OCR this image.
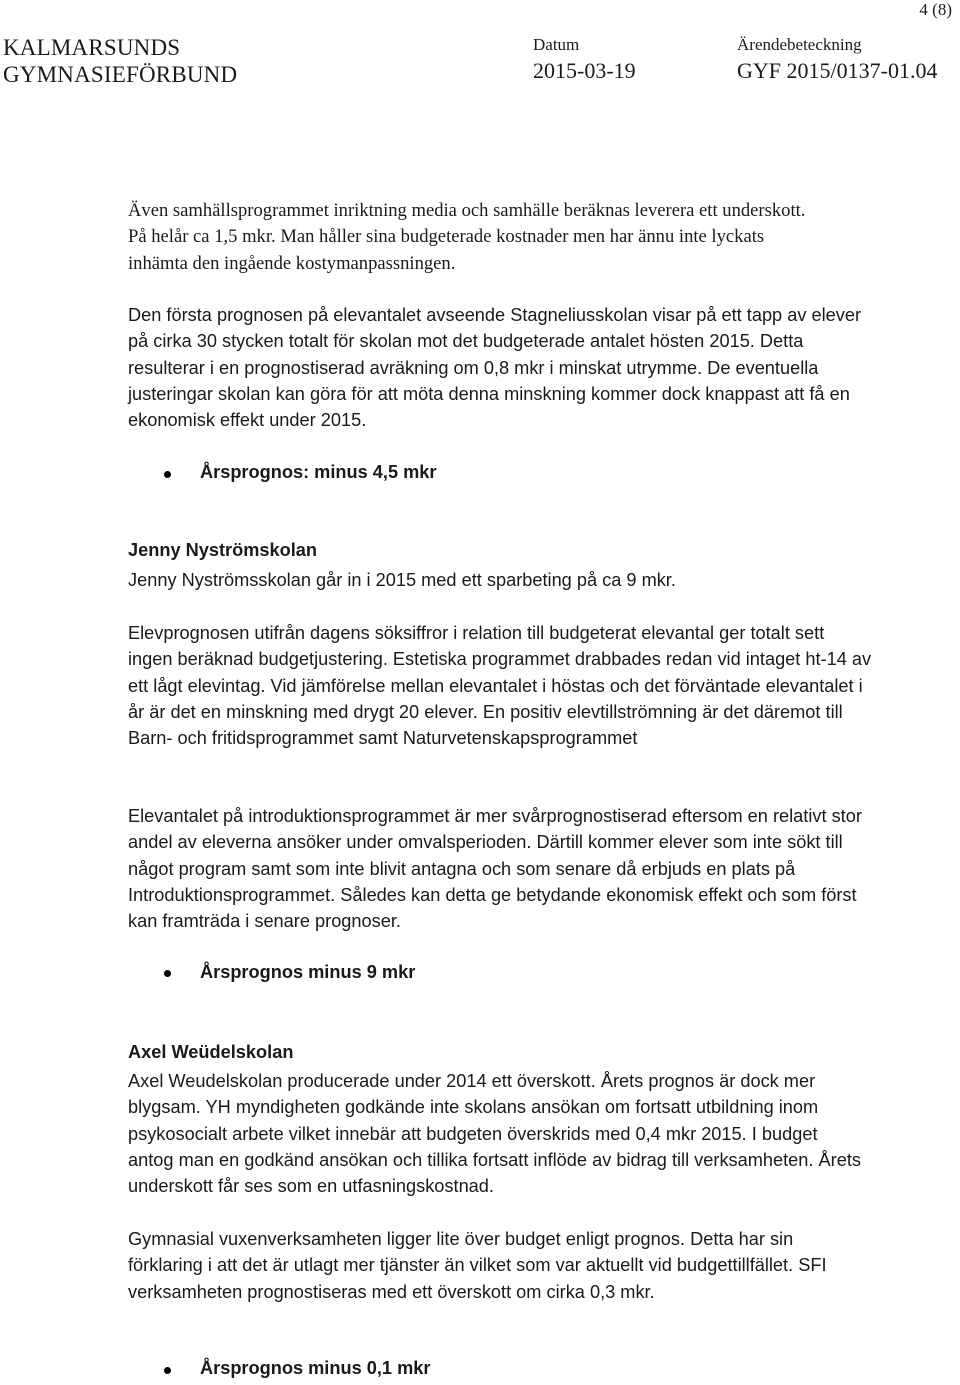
4 (8)
KALMARSUNDS
GYMNASIEFÖRBUND
Datum
2015-03-19
Ärendebeteckning
GYF 2015/0137-01.04
Även samhällsprogrammet inriktning media och samhälle beräknas leverera ett underskott. På helår ca 1,5 mkr. Man håller sina budgeterade kostnader men har ännu inte lyckats inhämta den ingående kostymanpassningen.
Den första prognosen på elevantalet avseende Stagneliusskolan visar på ett tapp av elever på cirka 30 stycken totalt för skolan mot det budgeterade antalet hösten 2015. Detta resulterar i en prognostiserad avräkning om 0,8 mkr i minskat utrymme. De eventuella justeringar skolan kan göra för att möta denna minskning kommer dock knappast att få en ekonomisk effekt under 2015.
Årsprognos: minus 4,5 mkr
Jenny Nyströmskolan
Jenny Nyströmsskolan går in i 2015 med ett sparbeting på ca 9 mkr.
Elevprognosen utifrån dagens söksiffror i relation till budgeterat elevantal ger totalt sett ingen beräknad budgetjustering. Estetiska programmet drabbades redan vid intaget ht-14 av ett lågt elevintag. Vid jämförelse mellan elevantalet i höstas och det förväntade elevantalet i år är det en minskning med drygt 20 elever. En positiv elevtillströmning är det däremot till Barn- och fritidsprogrammet samt Naturvetenskapsprogrammet
Elevantalet på introduktionsprogrammet är mer svårprognostiserad eftersom en relativt stor andel av eleverna ansöker under omvalsperioden. Därtill kommer elever som inte sökt till något program samt som inte blivit antagna och som senare då erbjuds en plats på Introduktionsprogrammet. Således kan detta ge betydande ekonomisk effekt och som först kan framträda i senare prognoser.
Årsprognos minus 9 mkr
Axel Weüdelskolan
Axel Weudelskolan producerade under 2014 ett överskott. Årets prognos är dock mer blygsam. YH myndigheten godkände inte skolans ansökan om fortsatt utbildning inom psykosocialt arbete vilket innebär att budgeten överskrids med 0,4 mkr 2015. I budget antog man en godkänd ansökan och tillika fortsatt inflöde av bidrag till verksamheten. Årets underskott får ses som en utfasningskostnad.
Gymnasial vuxenverksamheten ligger lite över budget enligt prognos. Detta har sin förklaring i att det är utlagt mer tjänster än vilket som var aktuellt vid budgettillfället. SFI verksamheten prognostiseras med ett överskott om cirka 0,3 mkr.
Årsprognos minus 0,1 mkr
